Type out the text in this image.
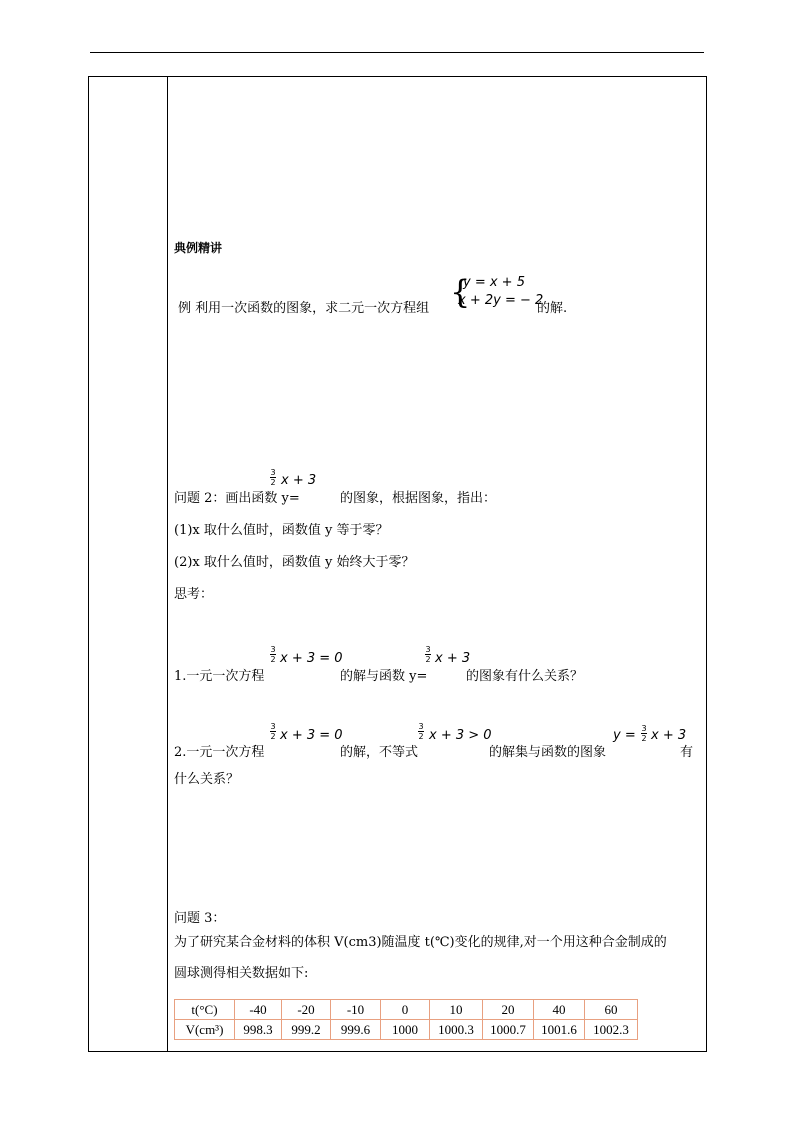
典例精讲
例 利用一次函数的图象，求二元一次方程组 {
y = x + 5
x + 2y = − 2
的解.
问题 2：画出函数 y=
3
2 x + 3
的图象，根据图象，指出：
(1)x 取什么值时，函数值 y 等于零？
(2)x 取什么值时，函数值 y 始终大于零？
思考：
1.一元一次方程
3
2 x + 3 = 0
的解与函数 y=
3
2 x + 3
的图象有什么关系？
2.一元一次方程
3
2 x + 3 = 0
的解，不等式
3
2 x + 3 > 0
的解集与函数的图象
y = 3
2 x + 3
有
什么关系？
问题 3：
为了研究某合金材料的体积 V(cm3)随温度 t(℃)变化的规律,对一个用这种合金制成的
圆球测得相关数据如下:
t(°C)	-40	-20	-10	0	10	20	40	60
V(cm³)	998.3	999.2	999.6	1000	1000.3	1000.7	1001.6	1002.3
